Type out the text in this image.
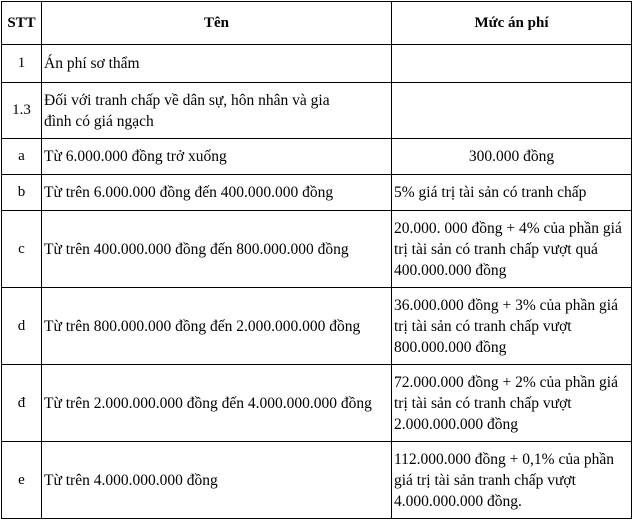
STT	Tên	Mức án phí
1	Án phí sơ thẩm	
1.3	Đối với tranh chấp về dân sự, hôn nhân và gia đình có giá ngạch	

a	Từ 6.000.000 đồng trở xuống	300.000 đồng
b	Từ trên 6.000.000 đồng đến 400.000.000 đồng	5% giá trị tài sản có tranh chấp
c	Từ trên 400.000.000 đồng đến 800.000.000 đồng	20.000. 000 đồng + 4% của phần giá trị tài sản có tranh chấp vượt quá 400.000.000 đồng
d	Từ trên 800.000.000 đồng đến 2.000.000.000 đồng	36.000.000 đồng + 3% của phần giá trị tài sản có tranh chấp vượt 800.000.000 đồng
đ	Từ trên 2.000.000.000 đồng đến 4.000.000.000 đồng	72.000.000 đồng + 2% của phần giá trị tài sản có tranh chấp vượt 2.000.000.000 đồng
e	Từ trên 4.000.000.000 đồng	112.000.000 đồng + 0,1% của phần giá trị tài sản tranh chấp vượt 4.000.000.000 đồng.
